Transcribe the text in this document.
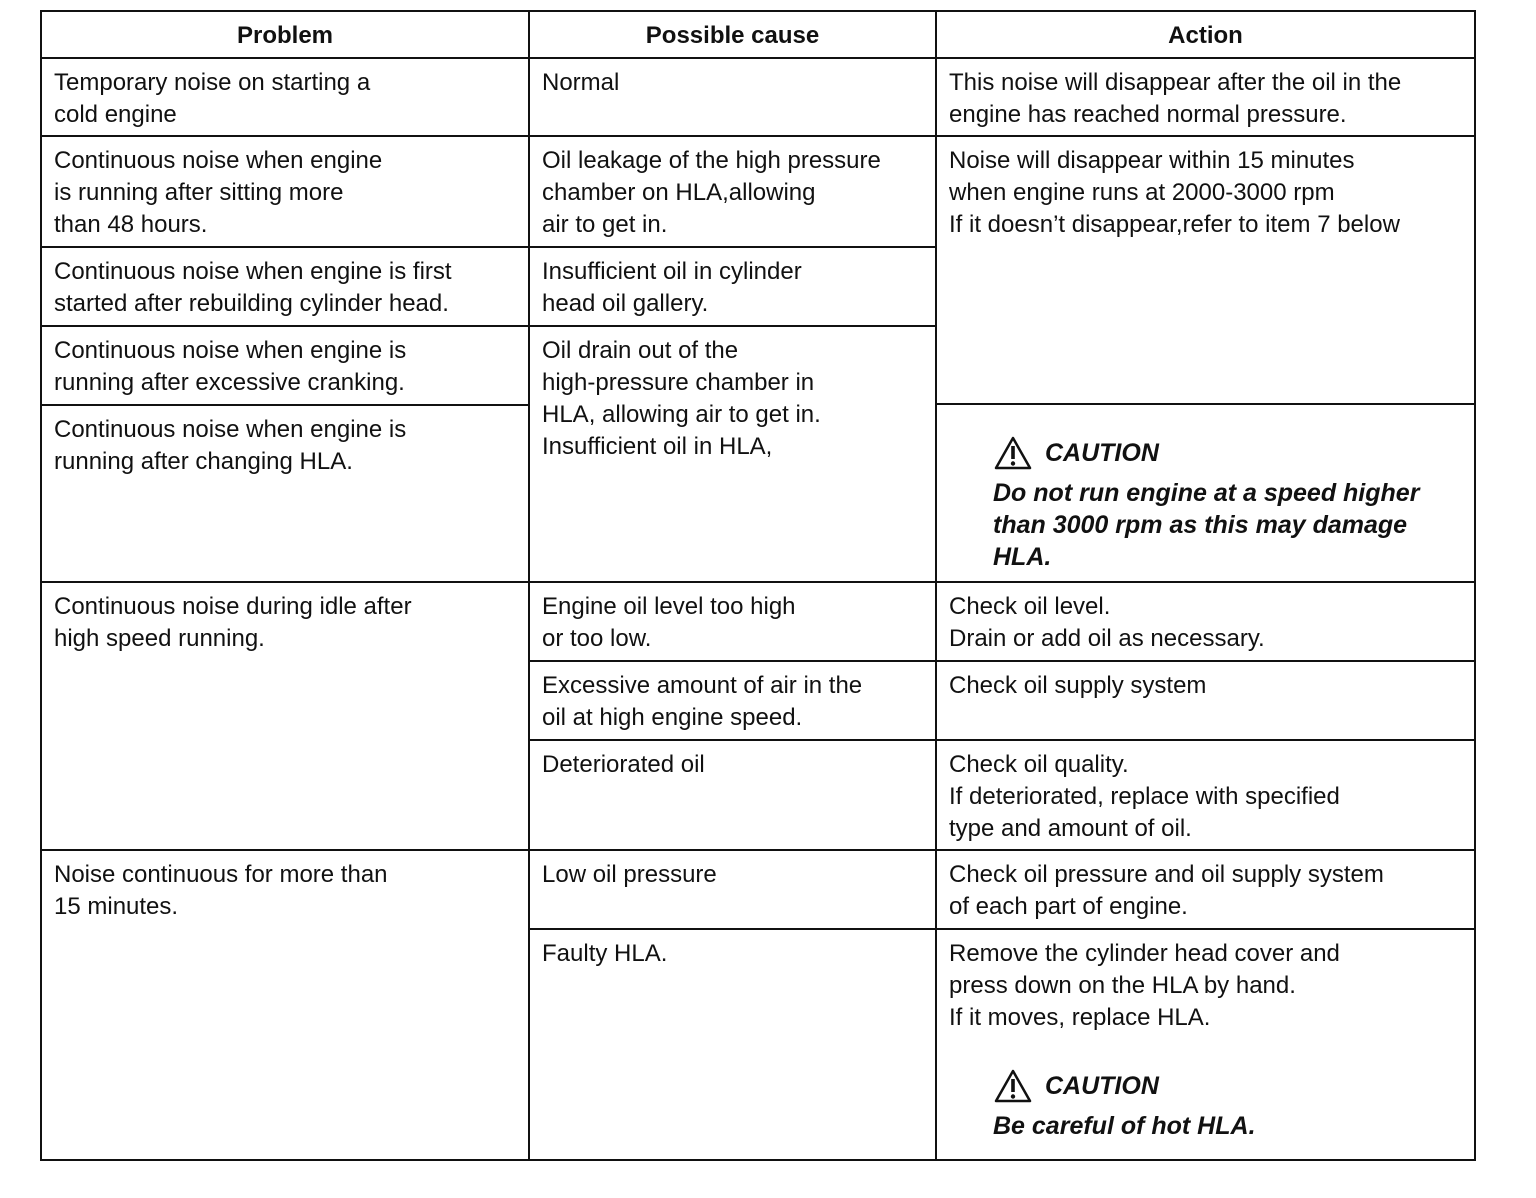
Problem	Possible cause	Action
Temporary noise on starting a
cold engine
Continuous noise when engine
is running after sitting more
than 48 hours.
Continuous noise when engine is first
started after rebuilding cylinder head.
Continuous noise when engine is
running after excessive cranking.
Continuous noise when engine is
running after changing HLA.
Continuous noise during idle after
high speed running.
Noise continuous for more than
15 minutes.
Normal
Oil leakage of the high pressure
chamber on HLA,allowing
air to get in.
Insufficient oil in cylinder
head oil gallery.
Oil drain out of the
high-pressure chamber in
HLA, allowing air to get in.
Insufficient oil in HLA,
Engine oil level too high
or too low.
Excessive amount of air in the
oil at high engine speed.
Deteriorated oil
Low oil pressure
Faulty HLA.
This noise will disappear after the oil in the
engine has reached normal pressure.
Noise will disappear within 15 minutes
when engine runs at 2000-3000 rpm
If it doesn’t disappear,refer to item 7 below
CAUTION
Do not run engine at a speed higher
than 3000 rpm as this may damage
HLA.
Check oil level.
Drain or add oil as necessary.
Check oil supply system
Check oil quality.
If deteriorated, replace with specified
type and amount of oil.
Check oil pressure and oil supply system
of each part of engine.
Remove the cylinder head cover and
press down on the HLA by hand.
If it moves, replace HLA.
CAUTION
Be careful of hot HLA.
